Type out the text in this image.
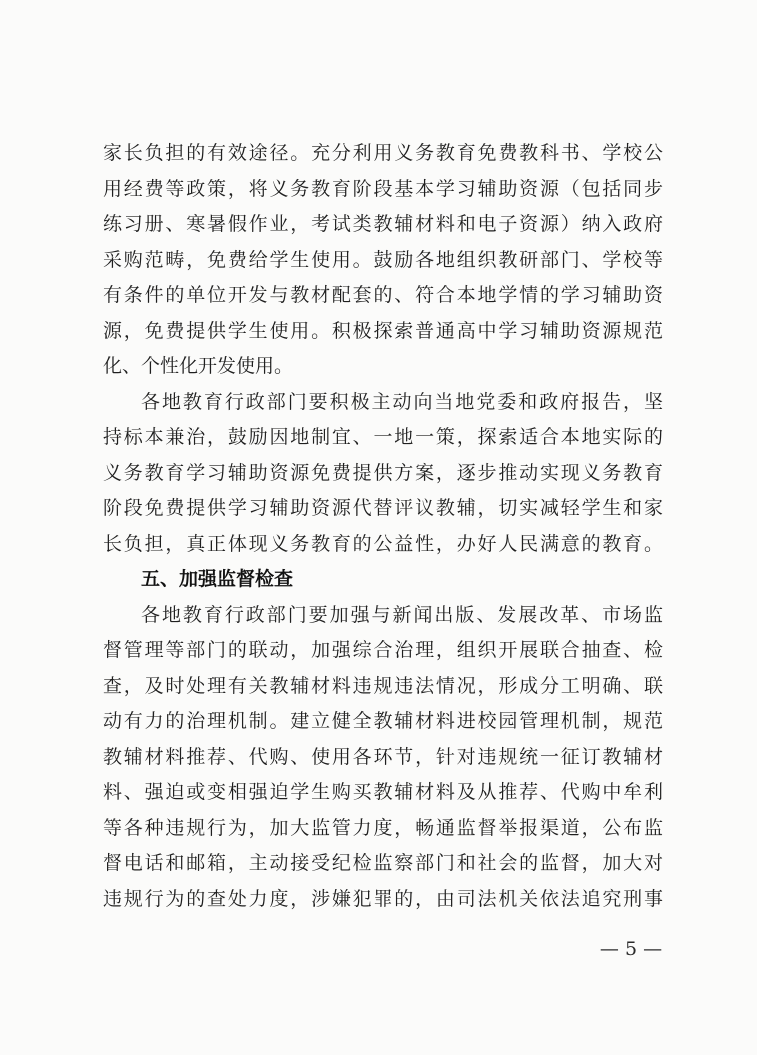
家长负担的有效途径。充分利用义务教育免费教科书、学校公
用经费等政策，将义务教育阶段基本学习辅助资源（包括同步
练习册、寒暑假作业，考试类教辅材料和电子资源）纳入政府
采购范畴，免费给学生使用。鼓励各地组织教研部门、学校等
有条件的单位开发与教材配套的、符合本地学情的学习辅助资
源，免费提供学生使用。积极探索普通高中学习辅助资源规范
化、个性化开发使用。
各地教育行政部门要积极主动向当地党委和政府报告，坚
持标本兼治，鼓励因地制宜、一地一策，探索适合本地实际的
义务教育学习辅助资源免费提供方案，逐步推动实现义务教育
阶段免费提供学习辅助资源代替评议教辅，切实减轻学生和家
长负担，真正体现义务教育的公益性，办好人民满意的教育。
五、加强监督检查
各地教育行政部门要加强与新闻出版、发展改革、市场监
督管理等部门的联动，加强综合治理，组织开展联合抽查、检
查，及时处理有关教辅材料违规违法情况，形成分工明确、联
动有力的治理机制。建立健全教辅材料进校园管理机制，规范
教辅材料推荐、代购、使用各环节，针对违规统一征订教辅材
料、强迫或变相强迫学生购买教辅材料及从推荐、代购中牟利
等各种违规行为，加大监管力度，畅通监督举报渠道，公布监
督电话和邮箱，主动接受纪检监察部门和社会的监督，加大对
违规行为的查处力度，涉嫌犯罪的，由司法机关依法追究刑事
— 5 —
